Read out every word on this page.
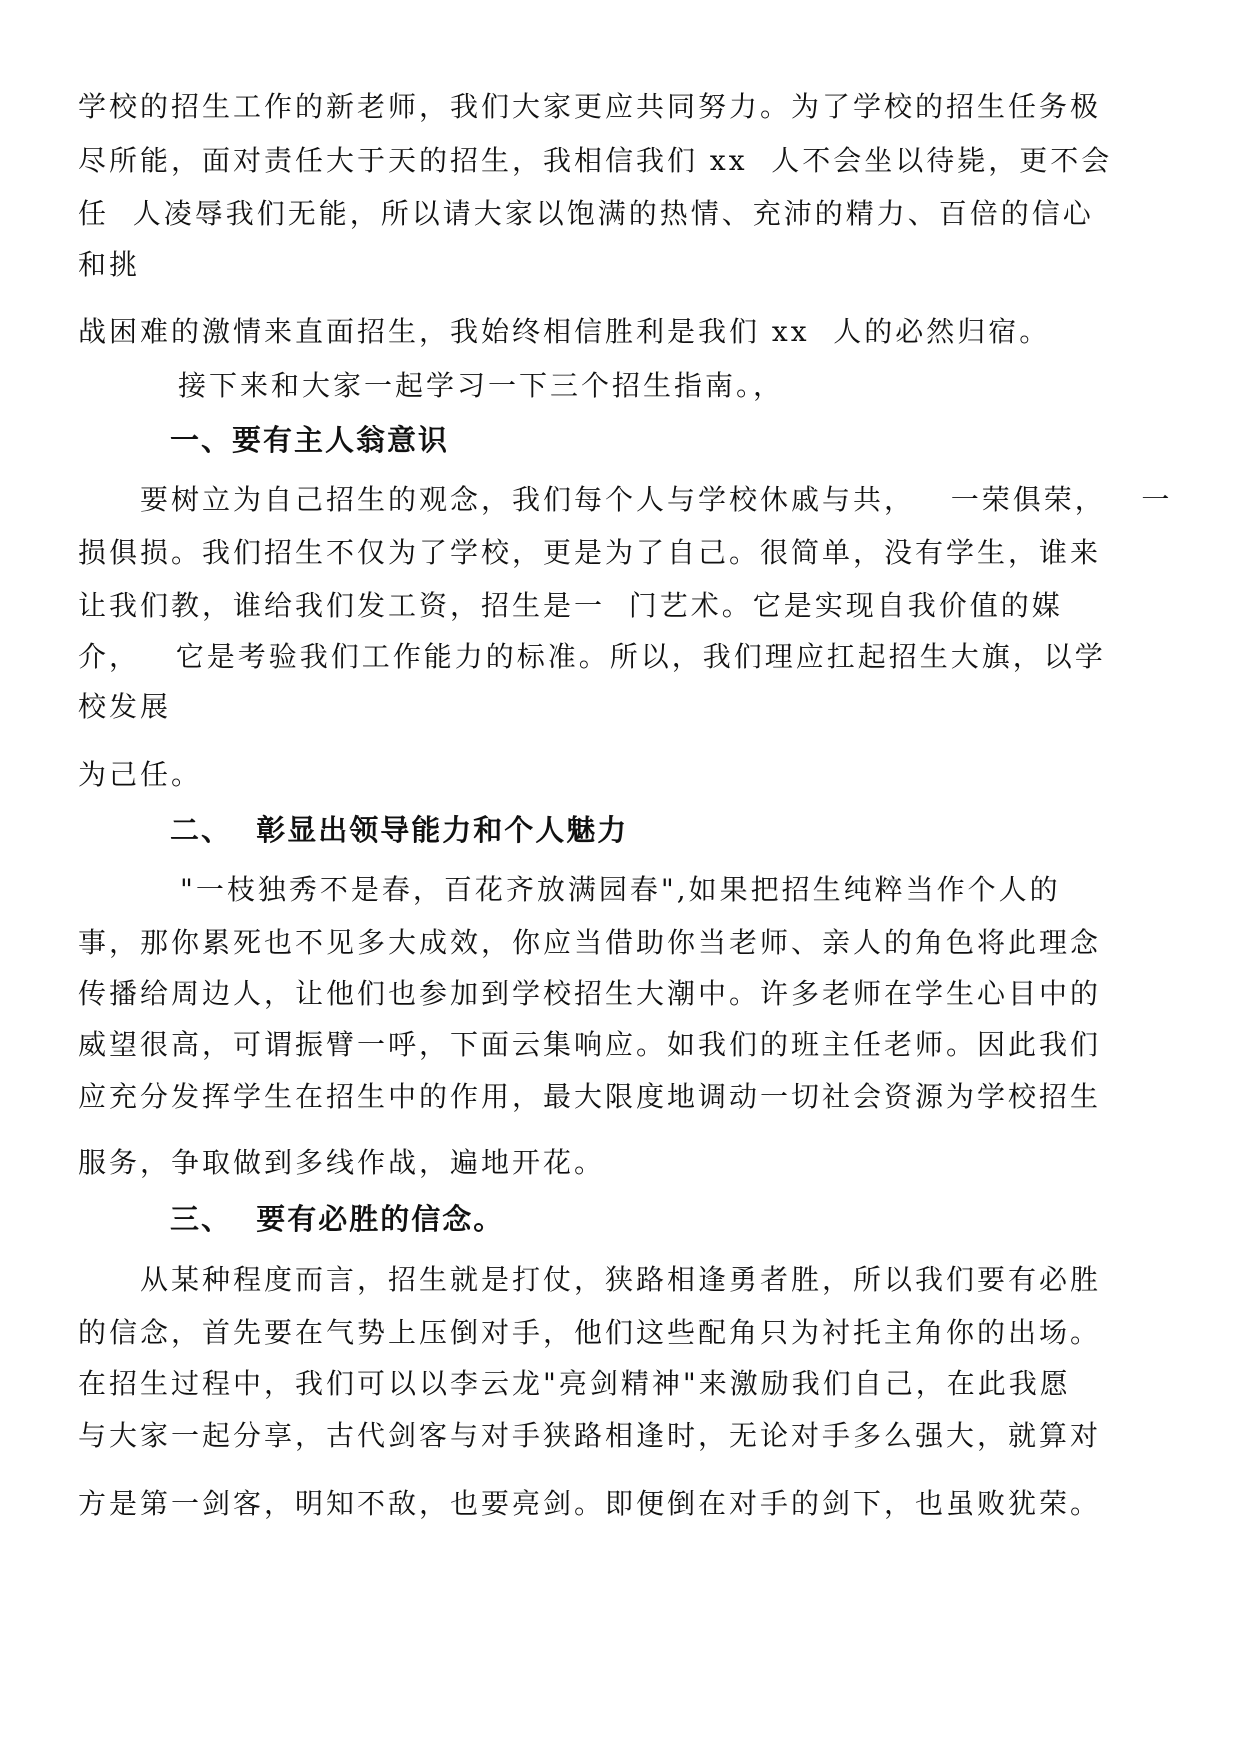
学校的招生工作的新老师，我们大家更应共同努力。为了学校的招生任务极
尽所能，面对责任大于天的招生，我相信我们 xx  人不会坐以待毙，更不会
任  人凌辱我们无能，所以请大家以饱满的热情、充沛的精力、百倍的信心
和挑
战困难的激情来直面招生，我始终相信胜利是我们 xx  人的必然归宿。
接下来和大家一起学习一下三个招生指南。，
一、要有主人翁意识
要树立为自己招生的观念，我们每个人与学校休戚与共，   一荣俱荣，   一
损俱损。我们招生不仅为了学校，更是为了自己。很简单，没有学生，谁来
让我们教，谁给我们发工资，招生是一  门艺术。它是实现自我价值的媒
介，   它是考验我们工作能力的标准。所以，我们理应扛起招生大旗，以学
校发展
为己任。
二、  彰显出领导能力和个人魅力
"一枝独秀不是春，百花齐放满园春",如果把招生纯粹当作个人的
事，那你累死也不见多大成效，你应当借助你当老师、亲人的角色将此理念
传播给周边人，让他们也参加到学校招生大潮中。许多老师在学生心目中的
威望很高，可谓振臂一呼，下面云集响应。如我们的班主任老师。因此我们
应充分发挥学生在招生中的作用，最大限度地调动一切社会资源为学校招生
服务，争取做到多线作战，遍地开花。
三、  要有必胜的信念。
从某种程度而言，招生就是打仗，狭路相逢勇者胜，所以我们要有必胜
的信念，首先要在气势上压倒对手，他们这些配角只为衬托主角你的出场。
在招生过程中，我们可以以李云龙"亮剑精神"来激励我们自己，在此我愿
与大家一起分享，古代剑客与对手狭路相逢时，无论对手多么强大，就算对
方是第一剑客，明知不敌，也要亮剑。即便倒在对手的剑下，也虽败犹荣。
